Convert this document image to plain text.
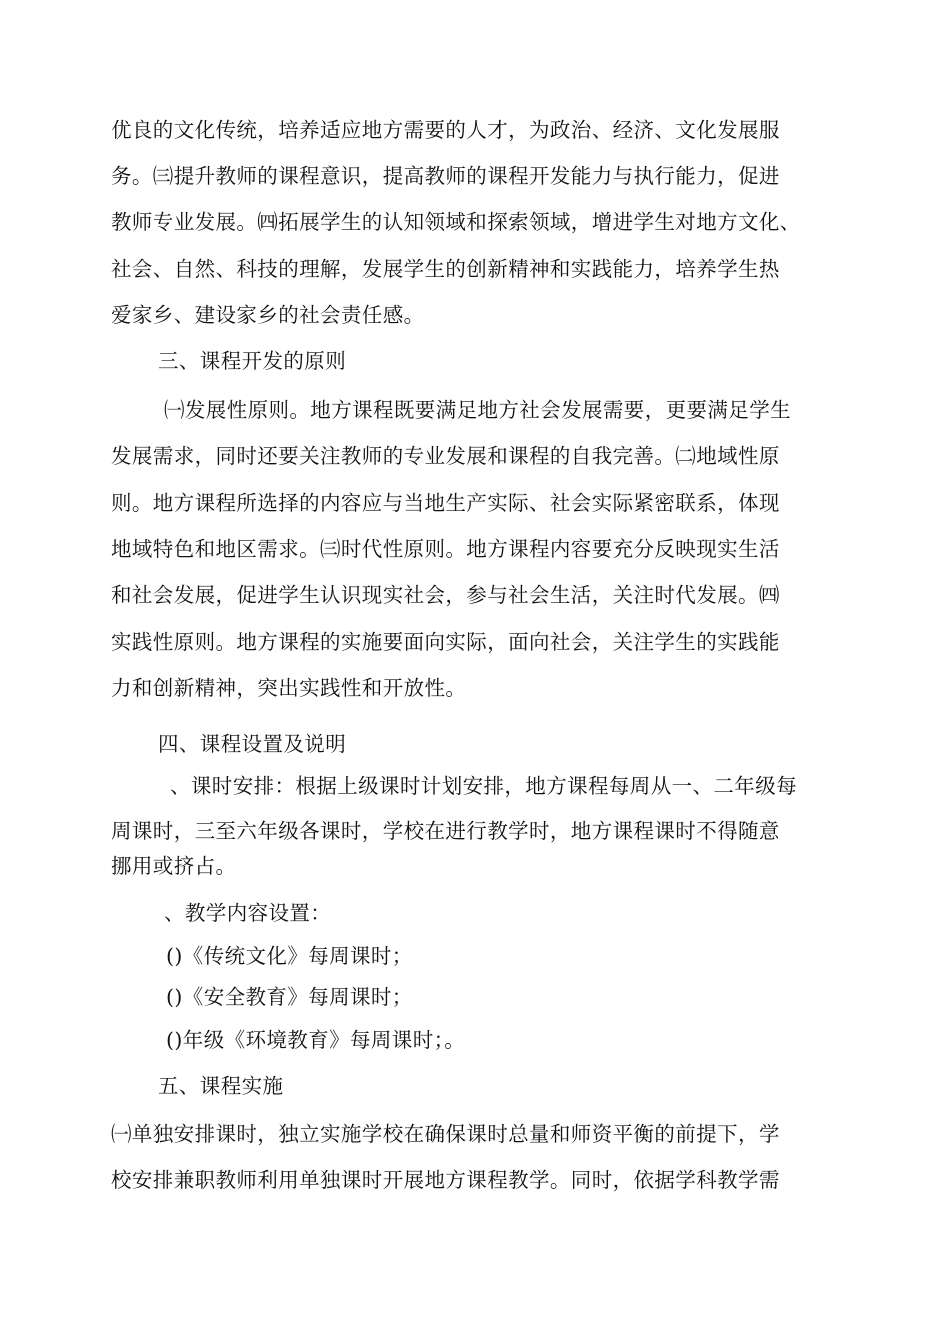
优良的文化传统，培养适应地方需要的人才，为政治、经济、文化发展服
务。㈢提升教师的课程意识，提高教师的课程开发能力与执行能力，促进
教师专业发展。㈣拓展学生的认知领域和探索领域，增进学生对地方文化、
社会、自然、科技的理解，发展学生的创新精神和实践能力，培养学生热
爱家乡、建设家乡的社会责任感。
三、课程开发的原则
㈠发展性原则。地方课程既要满足地方社会发展需要，更要满足学生
发展需求，同时还要关注教师的专业发展和课程的自我完善。㈡地域性原
则。地方课程所选择的内容应与当地生产实际、社会实际紧密联系，体现
地域特色和地区需求。㈢时代性原则。地方课程内容要充分反映现实生活
和社会发展，促进学生认识现实社会，参与社会生活，关注时代发展。㈣
实践性原则。地方课程的实施要面向实际，面向社会，关注学生的实践能
力和创新精神，突出实践性和开放性。
四、课程设置及说明
、课时安排：根据上级课时计划安排，地方课程每周从一、二年级每
周课时，三至六年级各课时，学校在进行教学时，地方课程课时不得随意
挪用或挤占。
、教学内容设置：
()《传统文化》每周课时；
()《安全教育》每周课时；
()年级《环境教育》每周课时；。
五、课程实施
㈠单独安排课时，独立实施学校在确保课时总量和师资平衡的前提下，学
校安排兼职教师利用单独课时开展地方课程教学。同时，依据学科教学需
